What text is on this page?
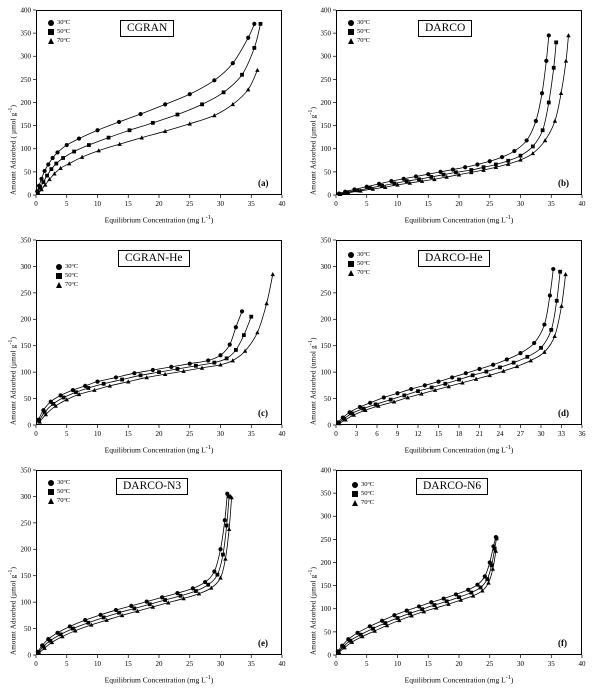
Amount Adsorbed ( µmol $g^{-1}$)
0
50
100
150
200
250
300
350
400
0	5	10	15	20	25	30	35	40
CGRAN
30ºC
50ºC
70ºC
(a)
Equilibrium Concentration (mg $L^{-1}$)
Amount Adsorbed (µmol $g^{-1}$)
0
50
100
150
200
250
300
350
400
0	5	10	15	20	25	30	35	40
DARCO
30ºC
50ºC
70ºC
(b)
Equilibrium Concentration (mg $L^{-1}$)
Amount Adsorbed (µmol $g^{-1}$)
0
50
100
150
200
250
300
350
0	5	10	15	20	25	30	35	40
CGRAN-He
30ºC
50ºC
70ºC
(c)
Equilibrium Concentration (mg $L^{-1}$)
Amount Adsorbed (umol $g^{-1}$)
0
50
100
150
200
250
300
350
0 3 6 9 12 15 18 21 24 27 30 33 36
DARCO-He
30ºC
50ºC
70ºC
(d)
Equilibrium Concentration (mg $L^{-1}$)
Amount Adsorbed (µmol $g^{-1}$)
0
50
100
150
200
250
300
350
0	5	10	15	20	25	30	35	40
DARCO-N3
30ºC
50ºC
70ºC
(e)
Equilibrium Concentration (mg $L^{-1}$)
Amount Adsorbed (µmol $g^{-1}$)
0
50
100
150
200
250
300
350
400
0	5	10	15	20	25	30	35	40
DARCO-N6
30ºC
50ºC
70ºC
(f)
Equilibrium Concentration (mg $L^{-1}$)
